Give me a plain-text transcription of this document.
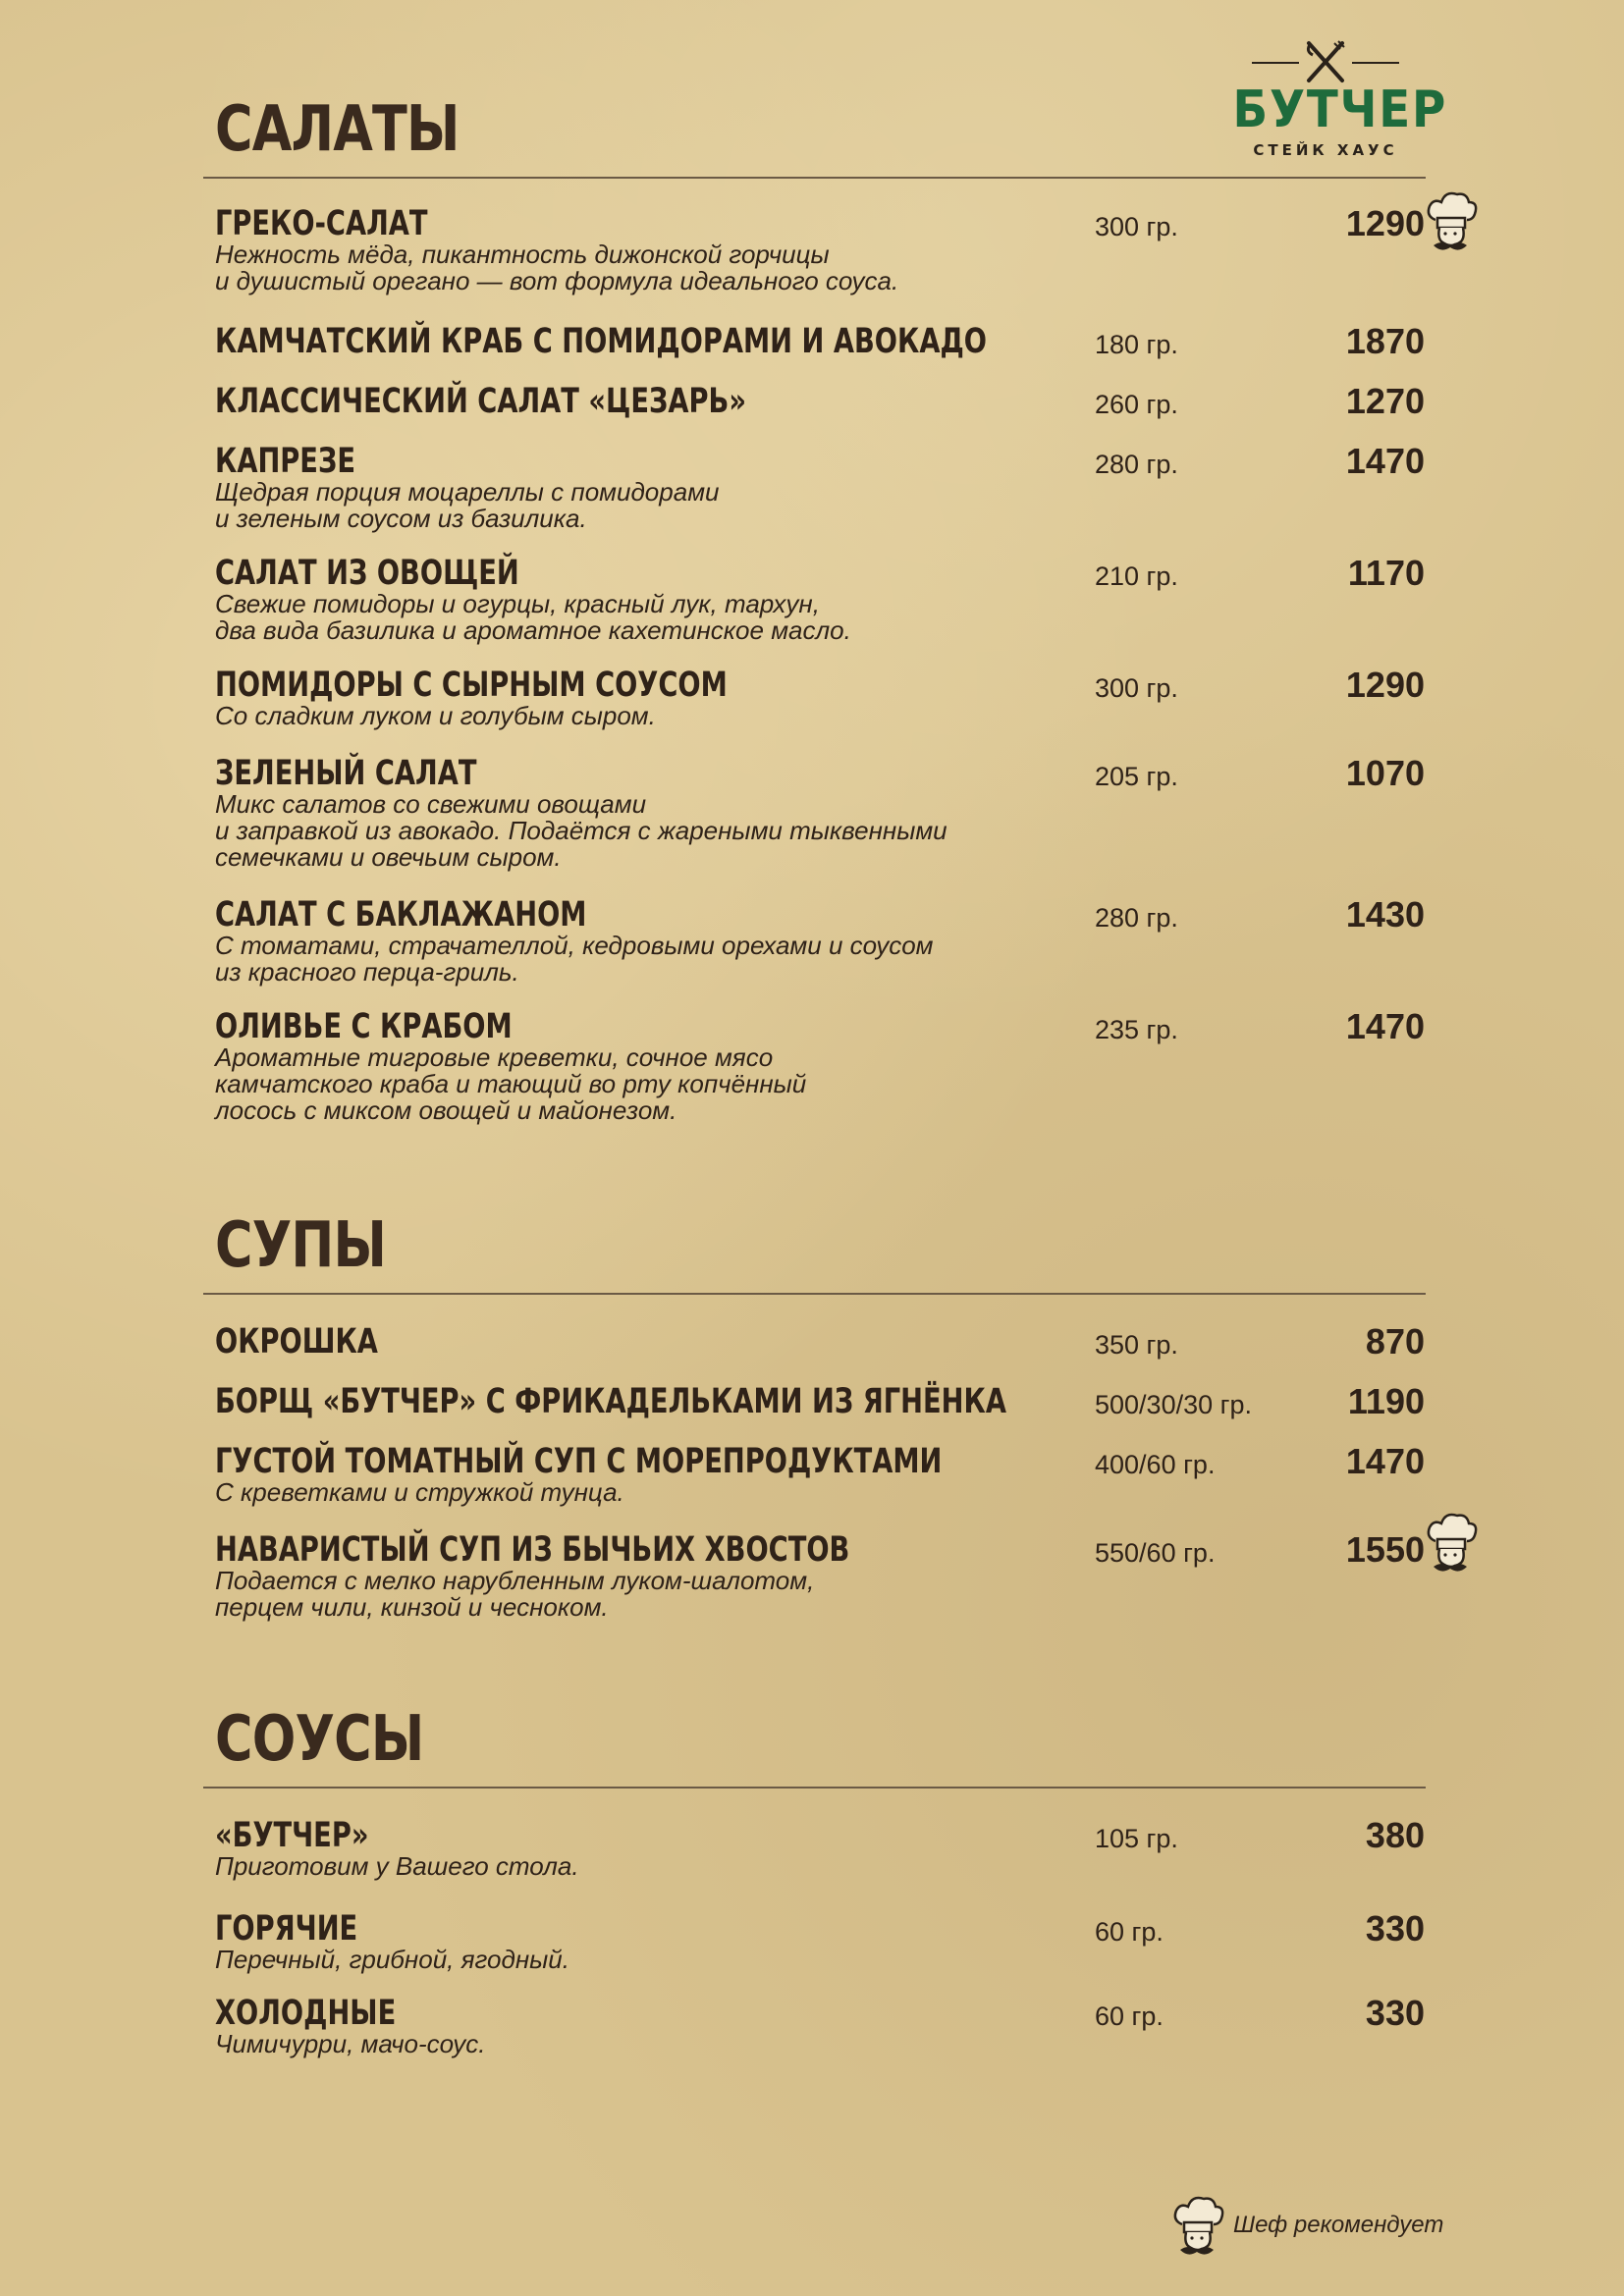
БУТЧЕР
СТЕЙК ХАУС
САЛАТЫ
ГРЕКО-САЛАТ
Нежность мёда, пикантность дижонской горчицы
и душистый орегано — вот формула идеального соуса.
300 гр.	1290
КАМЧАТСКИЙ КРАБ С ПОМИДОРАМИ И АВОКАДО	180 гр.	1870
КЛАССИЧЕСКИЙ САЛАТ «ЦЕЗАРЬ»	260 гр.	1270
КАПРЕЗЕ
Щедрая порция моцареллы с помидорами
и зеленым соусом из базилика.
280 гр.	1470
САЛАТ ИЗ ОВОЩЕЙ
Свежие помидоры и огурцы, красный лук, тархун,
два вида базилика и ароматное кахетинское масло.
210 гр.	1170
ПОМИДОРЫ С СЫРНЫМ СОУСОМ
Со сладким луком и голубым сыром.
300 гр.	1290
ЗЕЛЕНЫЙ САЛАТ
Микс салатов со свежими овощами
и заправкой из авокадо. Подаётся с жареными тыквенными
семечками и овечьим сыром.
205 гр.	1070
САЛАТ С БАКЛАЖАНОМ
С томатами, страчателлой, кедровыми орехами и соусом
из красного перца-гриль.
280 гр.	1430
ОЛИВЬЕ С КРАБОМ
Ароматные тигровые креветки, сочное мясо
камчатского краба и тающий во рту копчённый
лосось с миксом овощей и майонезом.
235 гр.	1470
СУПЫ
ОКРОШКА	350 гр.	870
БОРЩ «БУТЧЕР» С ФРИКАДЕЛЬКАМИ ИЗ ЯГНЁНКА	500/30/30 гр.	1190
ГУСТОЙ ТОМАТНЫЙ СУП С МОРЕПРОДУКТАМИ
С креветками и стружкой тунца.
400/60 гр.	1470
НАВАРИСТЫЙ СУП ИЗ БЫЧЬИХ ХВОСТОВ
Подается с мелко нарубленным луком-шалотом,
перцем чили, кинзой и чесноком.
550/60 гр.	1550
СОУСЫ
«БУТЧЕР»
Приготовим у Вашего стола.
105 гр.	380
ГОРЯЧИЕ
Перечный, грибной, ягодный.
60 гр.	330
ХОЛОДНЫЕ
Чимичурри, мачо-соус.
60 гр.	330
Шеф рекомендует
